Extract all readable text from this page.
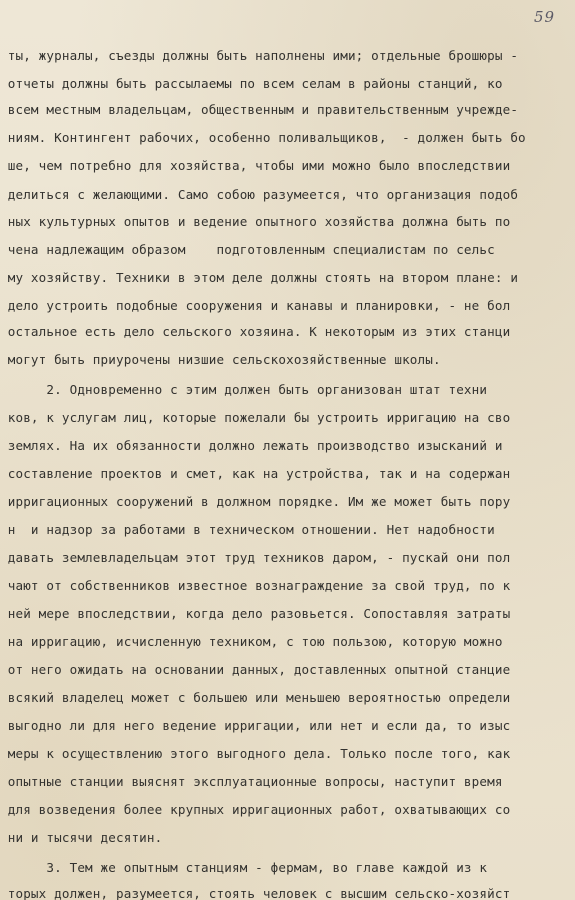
59
ты, журналы, съезды должны быть наполнены ими; отдельные брошюры -
отчеты должны быть рассылаемы по всем селам в районы станций, ко
всем местным владельцам, общественным и правительственным учрежде-
ниям. Контингент рабочих, особенно поливальщиков,  - должен быть бо
ше, чем потребно для хозяйства, чтобы ими можно было впоследствии
делиться с желающими. Само собою разумеется, что организация подоб
ных культурных опытов и ведение опытного хозяйства должна быть по
чена надлежащим образом    подготовленным специалистам по сельс
му хозяйству. Техники в этом деле должны стоять на втором плане: и
дело устроить подобные сооружения и канавы и планировки, - не бол
остальное есть дело сельского хозяина. К некоторым из этих станци
могут быть приурочены низшие сельскохозяйственные школы.
2. Одновременно с этим должен быть организован штат техни
ков, к услугам лиц, которые пожелали бы устроить ирригацию на сво
землях. На их обязанности должно лежать производство изысканий и
составление проектов и смет, как на устройства, так и на содержан
ирригационных сооружений в должном порядке. Им же может быть пору
н  и надзор за работами в техническом отношении. Нет надобности
давать землевладельцам этот труд техников даром, - пускай они пол
чают от собственников известное вознаграждение за свой труд, по к
ней мере впоследствии, когда дело разовьется. Сопоставляя затраты
на ирригацию, исчисленную техником, с тою пользою, которую можно
от него ожидать на основании данных, доставленных опытной станцие
всякий владелец может с большею или меньшею вероятностью определи
выгодно ли для него ведение ирригации, или нет и если да, то изыс
меры к осуществлению этого выгодного дела. Только после того, как
опытные станции выяснят эксплуатационные вопросы, наступит время
для возведения более крупных ирригационных работ, охватывающих со
ни и тысячи десятин.
3. Тем же опытным станциям - фермам, во главе каждой из к
торых должен, разумеется, стоять человек с высшим сельско-хозяйст
